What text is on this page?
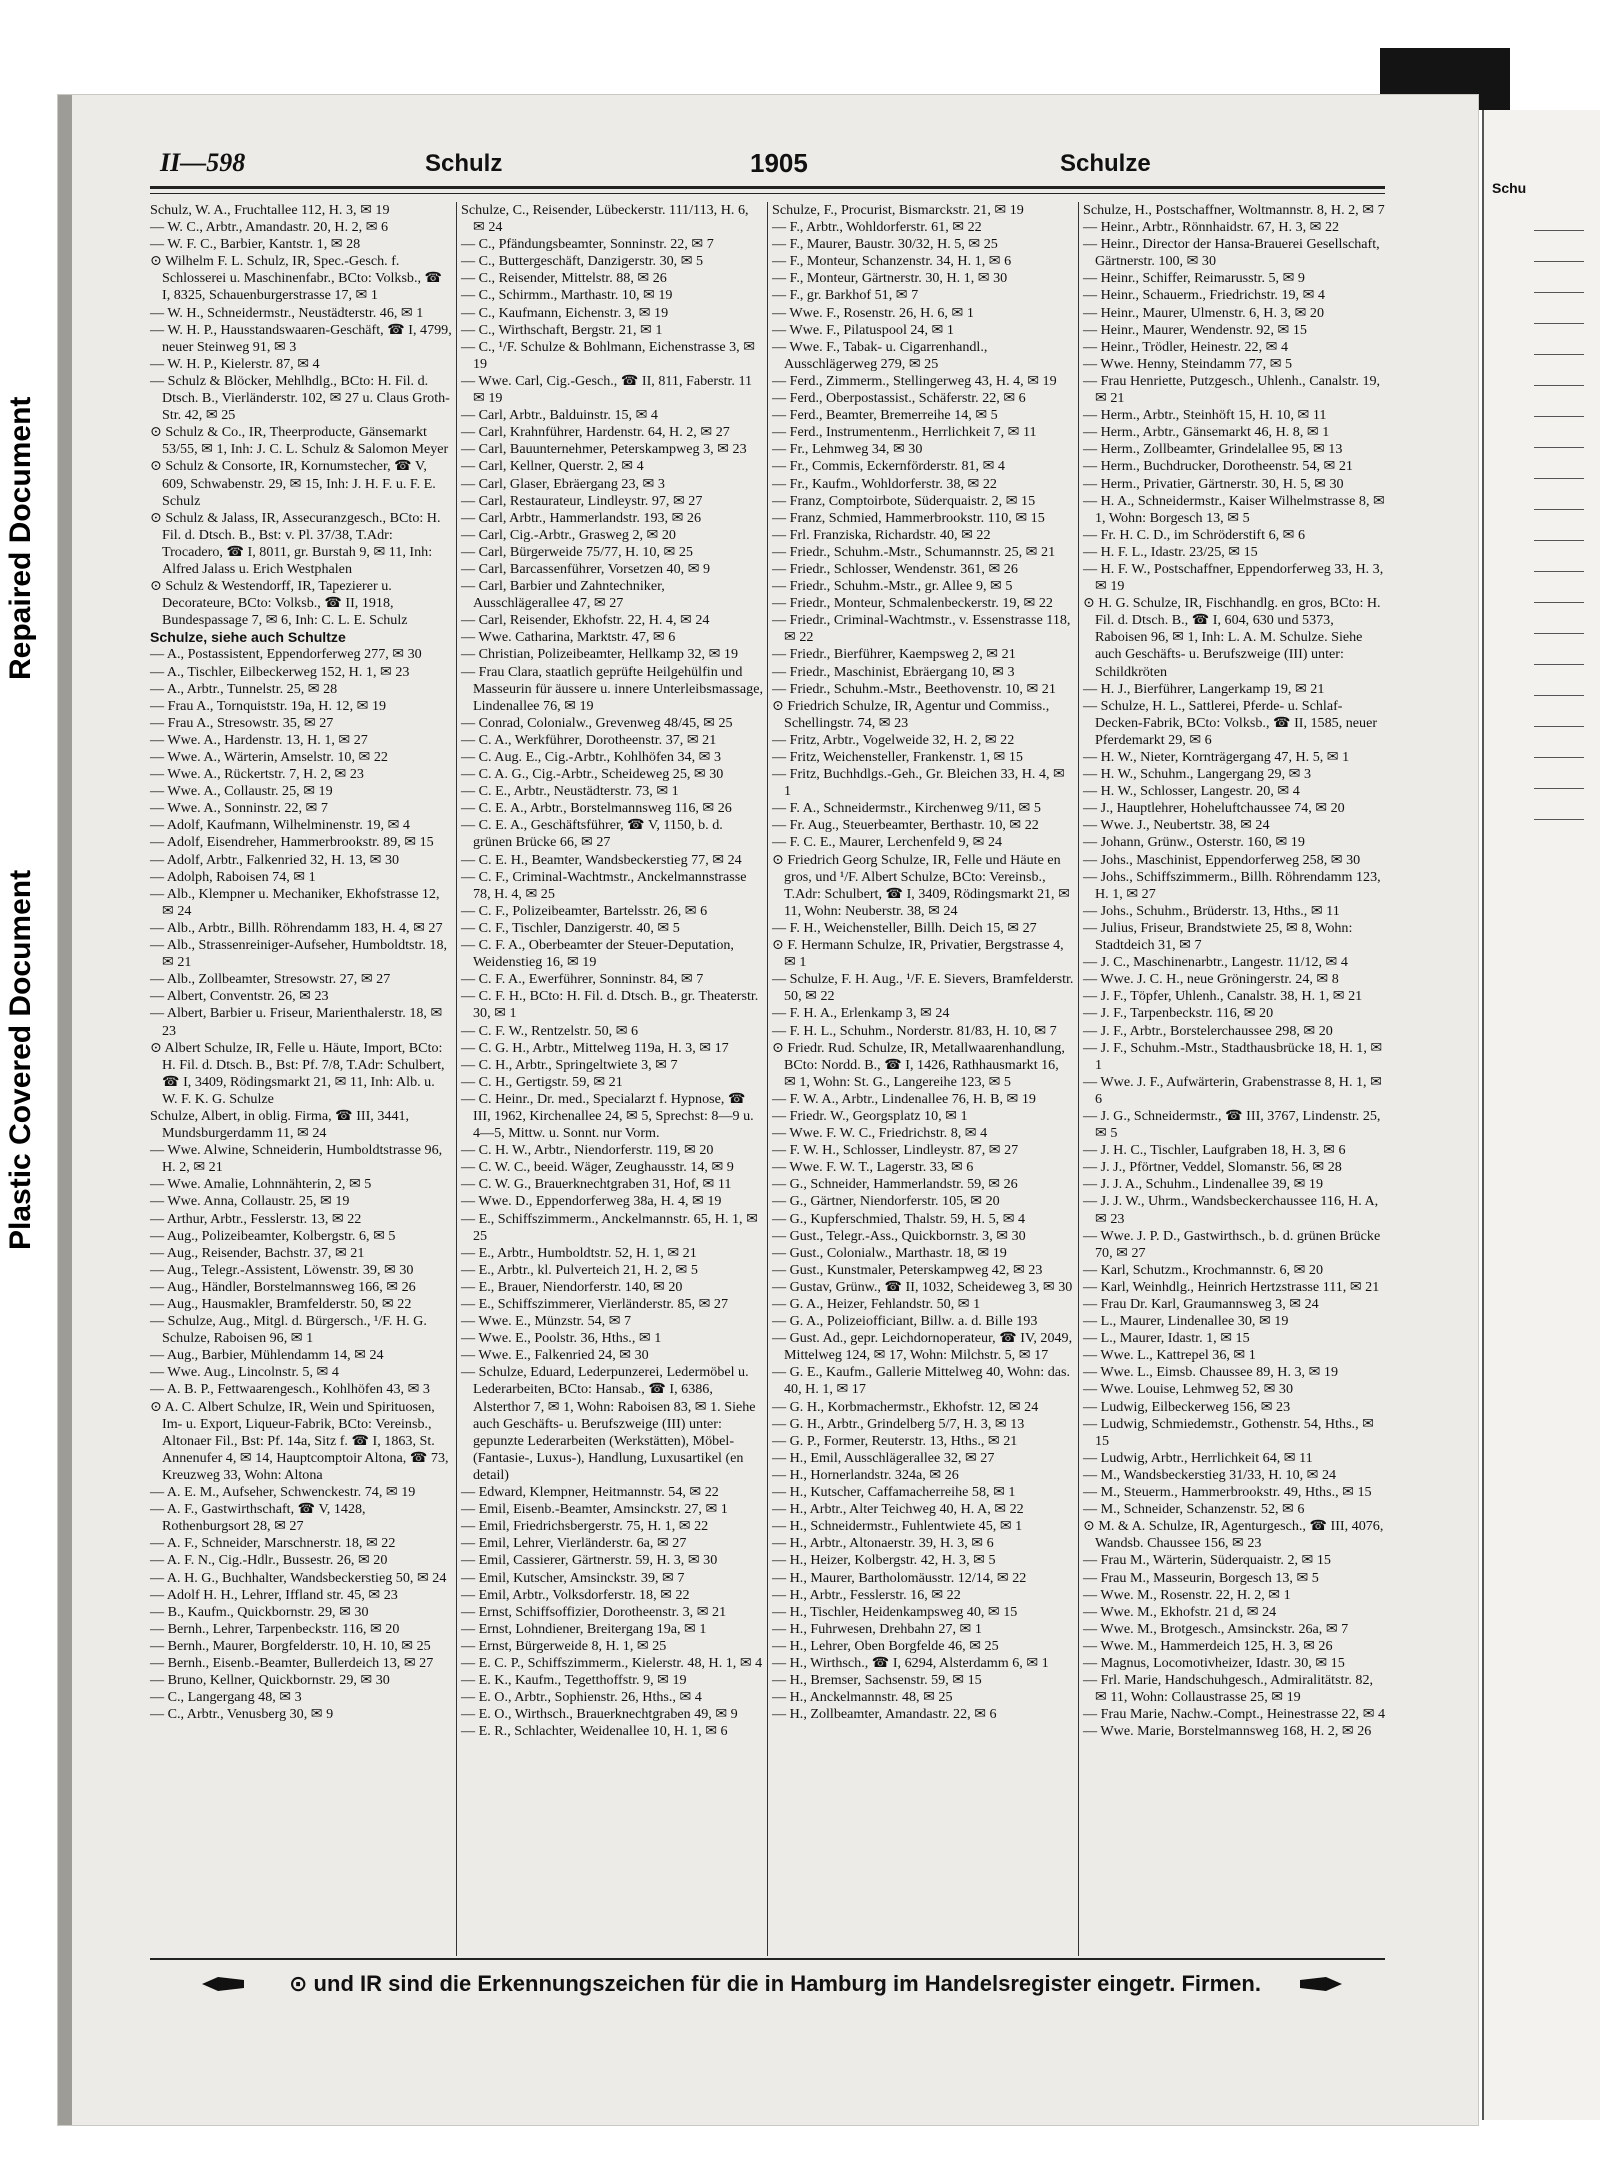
Plastic Covered Document
Repaired Document
Schu
II—598	Schulz	1905	Schulze

Schulz, W. A., Fruchtallee 112, H. 3, ✉ 19

— W. C., Arbtr., Amandastr. 20, H. 2, ✉ 6

— W. F. C., Barbier, Kantstr. 1, ✉ 28

⊙ Wilhelm F. L. Schulz, IR, Spec.-Gesch. f. Schlosserei u. Maschinenfabr., BCto: Volksb., ☎ I, 8325, Schauenburgerstrasse 17, ✉ 1

— W. H., Schneidermstr., Neustädterstr. 46, ✉ 1

— W. H. P., Hausstandswaaren-Geschäft, ☎ I, 4799, neuer Steinweg 91, ✉ 3

— W. H. P., Kielerstr. 87, ✉ 4

— Schulz & Blöcker, Mehlhdlg., BCto: H. Fil. d. Dtsch. B., Vierländerstr. 102, ✉ 27 u. Claus Groth-Str. 42, ✉ 25

⊙ Schulz & Co., IR, Theerproducte, Gänsemarkt 53/55, ✉ 1, Inh: J. C. L. Schulz & Salomon Meyer

⊙ Schulz & Consorte, IR, Kornumstecher, ☎ V, 609, Schwabenstr. 29, ✉ 15, Inh: J. H. F. u. F. E. Schulz

⊙ Schulz & Jalass, IR, Assecuranzgesch., BCto: H. Fil. d. Dtsch. B., Bst: v. Pl. 37/38, T.Adr: Trocadero, ☎ I, 8011, gr. Burstah 9, ✉ 11, Inh: Alfred Jalass u. Erich Westphalen

⊙ Schulz & Westendorff, IR, Tapezierer u. Decorateure, BCto: Volksb., ☎ II, 1918, Bundespassage 7, ✉ 6, Inh: C. L. E. Schulz

Schulze, siehe auch Schultze

— A., Postassistent, Eppendorferweg 277, ✉ 30

— A., Tischler, Eilbeckerweg 152, H. 1, ✉ 23

— A., Arbtr., Tunnelstr. 25, ✉ 28

— Frau A., Tornquiststr. 19a, H. 12, ✉ 19

— Frau A., Stresowstr. 35, ✉ 27

— Wwe. A., Hardenstr. 13, H. 1, ✉ 27

— Wwe. A., Wärterin, Amselstr. 10, ✉ 22

— Wwe. A., Rückertstr. 7, H. 2, ✉ 23

— Wwe. A., Collaustr. 25, ✉ 19

— Wwe. A., Sonninstr. 22, ✉ 7

— Adolf, Kaufmann, Wilhelminenstr. 19, ✉ 4

— Adolf, Eisendreher, Hammerbrookstr. 89, ✉ 15

— Adolf, Arbtr., Falkenried 32, H. 13, ✉ 30

— Adolph, Raboisen 74, ✉ 1

— Alb., Klempner u. Mechaniker, Ekhofstrasse 12, ✉ 24

— Alb., Arbtr., Billh. Röhrendamm 183, H. 4, ✉ 27

— Alb., Strassenreiniger-Aufseher, Humboldtstr. 18, ✉ 21

— Alb., Zollbeamter, Stresowstr. 27, ✉ 27

— Albert, Conventstr. 26, ✉ 23

— Albert, Barbier u. Friseur, Marienthalerstr. 18, ✉ 23

⊙ Albert Schulze, IR, Felle u. Häute, Import, BCto: H. Fil. d. Dtsch. B., Bst: Pf. 7/8, T.Adr: Schulbert, ☎ I, 3409, Rödingsmarkt 21, ✉ 11, Inh: Alb. u. W. F. K. G. Schulze

Schulze, Albert, in oblig. Firma, ☎ III, 3441, Mundsburgerdamm 11, ✉ 24

— Wwe. Alwine, Schneiderin, Humboldtstrasse 96, H. 2, ✉ 21

— Wwe. Amalie, Lohnnähterin, 2, ✉ 5

— Wwe. Anna, Collaustr. 25, ✉ 19

— Arthur, Arbtr., Fesslerstr. 13, ✉ 22

— Aug., Polizeibeamter, Kolbergstr. 6, ✉ 5

— Aug., Reisender, Bachstr. 37, ✉ 21

— Aug., Telegr.-Assistent, Löwenstr. 39, ✉ 30

— Aug., Händler, Borstelmannsweg 166, ✉ 26

— Aug., Hausmakler, Bramfelderstr. 50, ✉ 22

— Schulze, Aug., Mitgl. d. Bürgersch., ¹/F. H. G. Schulze, Raboisen 96, ✉ 1

— Aug., Barbier, Mühlendamm 14, ✉ 24

— Wwe. Aug., Lincolnstr. 5, ✉ 4

— A. B. P., Fettwaarengesch., Kohlhöfen 43, ✉ 3

⊙ A. C. Albert Schulze, IR, Wein und Spirituosen, Im- u. Export, Liqueur-Fabrik, BCto: Vereinsb., Altonaer Fil., Bst: Pf. 14a, Sitz f. ☎ I, 1863, St. Annenufer 4, ✉ 14, Hauptcomptoir Altona, ☎ 73, Kreuzweg 33, Wohn: Altona

— A. E. M., Aufseher, Schwenckestr. 74, ✉ 19

— A. F., Gastwirthschaft, ☎ V, 1428, Rothenburgsort 28, ✉ 27

— A. F., Schneider, Marschnerstr. 18, ✉ 22

— A. F. N., Cig.-Hdlr., Bussestr. 26, ✉ 20

— A. H. G., Buchhalter, Wandsbeckerstieg 50, ✉ 24

— Adolf H. H., Lehrer, Iffland str. 45, ✉ 23

— B., Kaufm., Quickbornstr. 29, ✉ 30

— Bernh., Lehrer, Tarpenbeckstr. 116, ✉ 20

— Bernh., Maurer, Borgfelderstr. 10, H. 10, ✉ 25

— Bernh., Eisenb.-Beamter, Bullerdeich 13, ✉ 27

— Bruno, Kellner, Quickbornstr. 29, ✉ 30

— C., Langergang 48, ✉ 3

— C., Arbtr., Venusberg 30, ✉ 9

Schulze, C., Reisender, Lübeckerstr. 111/113, H. 6, ✉ 24

— C., Pfändungsbeamter, Sonninstr. 22, ✉ 7

— C., Buttergeschäft, Danzigerstr. 30, ✉ 5

— C., Reisender, Mittelstr. 88, ✉ 26

— C., Schirmm., Marthastr. 10, ✉ 19

— C., Kaufmann, Eichenstr. 3, ✉ 19

— C., Wirthschaft, Bergstr. 21, ✉ 1

— C., ¹/F. Schulze & Bohlmann, Eichenstrasse 3, ✉ 19

— Wwe. Carl, Cig.-Gesch., ☎ II, 811, Faberstr. 11 ✉ 19

— Carl, Arbtr., Balduinstr. 15, ✉ 4

— Carl, Krahnführer, Hardenstr. 64, H. 2, ✉ 27

— Carl, Bauunternehmer, Peterskampweg 3, ✉ 23

— Carl, Kellner, Querstr. 2, ✉ 4

— Carl, Glaser, Ebräergang 23, ✉ 3

— Carl, Restaurateur, Lindleystr. 97, ✉ 27

— Carl, Arbtr., Hammerlandstr. 193, ✉ 26

— Carl, Cig.-Arbtr., Grasweg 2, ✉ 20

— Carl, Bürgerweide 75/77, H. 10, ✉ 25

— Carl, Barcassenführer, Vorsetzen 40, ✉ 9

— Carl, Barbier und Zahntechniker, Ausschlägerallee 47, ✉ 27

— Carl, Reisender, Ekhofstr. 22, H. 4, ✉ 24

— Wwe. Catharina, Marktstr. 47, ✉ 6

— Christian, Polizeibeamter, Hellkamp 32, ✉ 19

— Frau Clara, staatlich geprüfte Heilgehülfin und Masseurin für äussere u. innere Unterleibsmassage, Lindenallee 76, ✉ 19

— Conrad, Colonialw., Grevenweg 48/45, ✉ 25

— C. A., Werkführer, Dorotheenstr. 37, ✉ 21

— C. Aug. E., Cig.-Arbtr., Kohlhöfen 34, ✉ 3

— C. A. G., Cig.-Arbtr., Scheideweg 25, ✉ 30

— C. E., Arbtr., Neustädterstr. 73, ✉ 1

— C. E. A., Arbtr., Borstelmannsweg 116, ✉ 26

— C. E. A., Geschäftsführer, ☎ V, 1150, b. d. grünen Brücke 66, ✉ 27

— C. E. H., Beamter, Wandsbeckerstieg 77, ✉ 24

— C. F., Criminal-Wachtmstr., Anckelmannstrasse 78, H. 4, ✉ 25

— C. F., Polizeibeamter, Bartelsstr. 26, ✉ 6

— C. F., Tischler, Danzigerstr. 40, ✉ 5

— C. F. A., Oberbeamter der Steuer-Deputation, Weidenstieg 16, ✉ 19

— C. F. A., Ewerführer, Sonninstr. 84, ✉ 7

— C. F. H., BCto: H. Fil. d. Dtsch. B., gr. Theaterstr. 30, ✉ 1

— C. F. W., Rentzelstr. 50, ✉ 6

— C. G. H., Arbtr., Mittelweg 119a, H. 3, ✉ 17

— C. H., Arbtr., Springeltwiete 3, ✉ 7

— C. H., Gertigstr. 59, ✉ 21

— C. Heinr., Dr. med., Specialarzt f. Hypnose, ☎ III, 1962, Kirchenallee 24, ✉ 5, Sprechst: 8—9 u. 4—5, Mittw. u. Sonnt. nur Vorm.

— C. H. W., Arbtr., Niendorferstr. 119, ✉ 20

— C. W. C., beeid. Wäger, Zeughausstr. 14, ✉ 9

— C. W. G., Brauerknechtgraben 31, Hof, ✉ 11

— Wwe. D., Eppendorferweg 38a, H. 4, ✉ 19

— E., Schiffszimmerm., Anckelmannstr. 65, H. 1, ✉ 25

— E., Arbtr., Humboldtstr. 52, H. 1, ✉ 21

— E., Arbtr., kl. Pulverteich 21, H. 2, ✉ 5

— E., Brauer, Niendorferstr. 140, ✉ 20

— E., Schiffszimmerer, Vierländerstr. 85, ✉ 27

— Wwe. E., Münzstr. 54, ✉ 7

— Wwe. E., Poolstr. 36, Hths., ✉ 1

— Wwe. E., Falkenried 24, ✉ 30

— Schulze, Eduard, Lederpunzerei, Ledermöbel u. Lederarbeiten, BCto: Hansab., ☎ I, 6386, Alsterthor 7, ✉ 1, Wohn: Raboisen 83, ✉ 1. Siehe auch Geschäfts- u. Berufszweige (III) unter: gepunzte Lederarbeiten (Werkstätten), Möbel- (Fantasie-, Luxus-), Handlung, Luxusartikel (en detail)

— Edward, Klempner, Heitmannstr. 54, ✉ 22

— Emil, Eisenb.-Beamter, Amsinckstr. 27, ✉ 1

— Emil, Friedrichsbergerstr. 75, H. 1, ✉ 22

— Emil, Lehrer, Vierländerstr. 6a, ✉ 27

— Emil, Cassierer, Gärtnerstr. 59, H. 3, ✉ 30

— Emil, Kutscher, Amsinckstr. 39, ✉ 7

— Emil, Arbtr., Volksdorferstr. 18, ✉ 22

— Ernst, Schiffsoffizier, Dorotheenstr. 3, ✉ 21

— Ernst, Lohndiener, Breitergang 19a, ✉ 1

— Ernst, Bürgerweide 8, H. 1, ✉ 25

— E. C. P., Schiffszimmerm., Kielerstr. 48, H. 1, ✉ 4

— E. K., Kaufm., Tegetthoffstr. 9, ✉ 19

— E. O., Arbtr., Sophienstr. 26, Hths., ✉ 4

— E. O., Wirthsch., Brauerknechtgraben 49, ✉ 9

— E. R., Schlachter, Weidenallee 10, H. 1, ✉ 6

Schulze, F., Procurist, Bismarckstr. 21, ✉ 19

— F., Arbtr., Wohldorferstr. 61, ✉ 22

— F., Maurer, Baustr. 30/32, H. 5, ✉ 25

— F., Monteur, Schanzenstr. 34, H. 1, ✉ 6

— F., Monteur, Gärtnerstr. 30, H. 1, ✉ 30

— F., gr. Barkhof 51, ✉ 7

— Wwe. F., Rosenstr. 26, H. 6, ✉ 1

— Wwe. F., Pilatuspool 24, ✉ 1

— Wwe. F., Tabak- u. Cigarrenhandl., Ausschlägerweg 279, ✉ 25

— Ferd., Zimmerm., Stellingerweg 43, H. 4, ✉ 19

— Ferd., Oberpostassist., Schäferstr. 22, ✉ 6

— Ferd., Beamter, Bremerreihe 14, ✉ 5

— Ferd., Instrumentenm., Herrlichkeit 7, ✉ 11

— Fr., Lehmweg 34, ✉ 30

— Fr., Commis, Eckernförderstr. 81, ✉ 4

— Fr., Kaufm., Wohldorferstr. 38, ✉ 22

— Franz, Comptoirbote, Süderquaistr. 2, ✉ 15

— Franz, Schmied, Hammerbrookstr. 110, ✉ 15

— Frl. Franziska, Richardstr. 40, ✉ 22

— Friedr., Schuhm.-Mstr., Schumannstr. 25, ✉ 21

— Friedr., Schlosser, Wendenstr. 361, ✉ 26

— Friedr., Schuhm.-Mstr., gr. Allee 9, ✉ 5

— Friedr., Monteur, Schmalenbeckerstr. 19, ✉ 22

— Friedr., Criminal-Wachtmstr., v. Essenstrasse 118, ✉ 22

— Friedr., Bierführer, Kaempsweg 2, ✉ 21

— Friedr., Maschinist, Ebräergang 10, ✉ 3

— Friedr., Schuhm.-Mstr., Beethovenstr. 10, ✉ 21

⊙ Friedrich Schulze, IR, Agentur und Commiss., Schellingstr. 74, ✉ 23

— Fritz, Arbtr., Vogelweide 32, H. 2, ✉ 22

— Fritz, Weichensteller, Frankenstr. 1, ✉ 15

— Fritz, Buchhdlgs.-Geh., Gr. Bleichen 33, H. 4, ✉ 1

— F. A., Schneidermstr., Kirchenweg 9/11, ✉ 5

— Fr. Aug., Steuerbeamter, Berthastr. 10, ✉ 22

— F. C. E., Maurer, Lerchenfeld 9, ✉ 24

⊙ Friedrich Georg Schulze, IR, Felle und Häute en gros, und ¹/F. Albert Schulze, BCto: Vereinsb., T.Adr: Schulbert, ☎ I, 3409, Rödingsmarkt 21, ✉ 11, Wohn: Neuberstr. 38, ✉ 24

— F. H., Weichensteller, Billh. Deich 15, ✉ 27

⊙ F. Hermann Schulze, IR, Privatier, Bergstrasse 4, ✉ 1

— Schulze, F. H. Aug., ¹/F. E. Sievers, Bramfelderstr. 50, ✉ 22

— F. H. A., Erlenkamp 3, ✉ 24

— F. H. L., Schuhm., Norderstr. 81/83, H. 10, ✉ 7

⊙ Friedr. Rud. Schulze, IR, Metallwaarenhandlung, BCto: Nordd. B., ☎ I, 1426, Rathhausmarkt 16, ✉ 1, Wohn: St. G., Langereihe 123, ✉ 5

— F. W. A., Arbtr., Lindenallee 76, H. B, ✉ 19

— Friedr. W., Georgsplatz 10, ✉ 1

— Wwe. F. W. C., Friedrichstr. 8, ✉ 4

— F. W. H., Schlosser, Lindleystr. 87, ✉ 27

— Wwe. F. W. T., Lagerstr. 33, ✉ 6

— G., Schneider, Hammerlandstr. 59, ✉ 26

— G., Gärtner, Niendorferstr. 105, ✉ 20

— G., Kupferschmied, Thalstr. 59, H. 5, ✉ 4

— Gust., Telegr.-Ass., Quickbornstr. 3, ✉ 30

— Gust., Colonialw., Marthastr. 18, ✉ 19

— Gust., Kunstmaler, Peterskampweg 42, ✉ 23

— Gustav, Grünw., ☎ II, 1032, Scheideweg 3, ✉ 30

— G. A., Heizer, Fehlandstr. 50, ✉ 1

— G. A., Polizeiofficiant, Billw. a. d. Bille 193

— Gust. Ad., gepr. Leichdornoperateur, ☎ IV, 2049, Mittelweg 124, ✉ 17, Wohn: Milchstr. 5, ✉ 17

— G. E., Kaufm., Gallerie Mittelweg 40, Wohn: das. 40, H. 1, ✉ 17

— G. H., Korbmachermstr., Ekhofstr. 12, ✉ 24

— G. H., Arbtr., Grindelberg 5/7, H. 3, ✉ 13

— G. P., Former, Reuterstr. 13, Hths., ✉ 21

— H., Emil, Ausschlägerallee 32, ✉ 27

— H., Hornerlandstr. 324a, ✉ 26

— H., Kutscher, Caffamacherreihe 58, ✉ 1

— H., Arbtr., Alter Teichweg 40, H. A, ✉ 22

— H., Schneidermstr., Fuhlentwiete 45, ✉ 1

— H., Arbtr., Altonaerstr. 39, H. 3, ✉ 6

— H., Heizer, Kolbergstr. 42, H. 3, ✉ 5

— H., Maurer, Bartholomäusstr. 12/14, ✉ 22

— H., Arbtr., Fesslerstr. 16, ✉ 22

— H., Tischler, Heidenkampsweg 40, ✉ 15

— H., Fuhrwesen, Drehbahn 27, ✉ 1

— H., Lehrer, Oben Borgfelde 46, ✉ 25

— H., Wirthsch., ☎ I, 6294, Alsterdamm 6, ✉ 1

— H., Bremser, Sachsenstr. 59, ✉ 15

— H., Anckelmannstr. 48, ✉ 25

— H., Zollbeamter, Amandastr. 22, ✉ 6

Schulze, H., Postschaffner, Woltmannstr. 8, H. 2, ✉ 7

— Heinr., Arbtr., Rönnhaidstr. 67, H. 3, ✉ 22

— Heinr., Director der Hansa-Brauerei Gesellschaft, Gärtnerstr. 100, ✉ 30

— Heinr., Schiffer, Reimarusstr. 5, ✉ 9

— Heinr., Schauerm., Friedrichstr. 19, ✉ 4

— Heinr., Maurer, Ulmenstr. 6, H. 3, ✉ 20

— Heinr., Maurer, Wendenstr. 92, ✉ 15

— Heinr., Trödler, Heinestr. 22, ✉ 4

— Wwe. Henny, Steindamm 77, ✉ 5

— Frau Henriette, Putzgesch., Uhlenh., Canalstr. 19, ✉ 21

— Herm., Arbtr., Steinhöft 15, H. 10, ✉ 11

— Herm., Arbtr., Gänsemarkt 46, H. 8, ✉ 1

— Herm., Zollbeamter, Grindelallee 95, ✉ 13

— Herm., Buchdrucker, Dorotheenstr. 54, ✉ 21

— Herm., Privatier, Gärtnerstr. 30, H. 5, ✉ 30

— H. A., Schneidermstr., Kaiser Wilhelmstrasse 8, ✉ 1, Wohn: Borgesch 13, ✉ 5

— Fr. H. C. D., im Schröderstift 6, ✉ 6

— H. F. L., Idastr. 23/25, ✉ 15

— H. F. W., Postschaffner, Eppendorferweg 33, H. 3, ✉ 19

⊙ H. G. Schulze, IR, Fischhandlg. en gros, BCto: H. Fil. d. Dtsch. B., ☎ I, 604, 630 und 5373, Raboisen 96, ✉ 1, Inh: L. A. M. Schulze. Siehe auch Geschäfts- u. Berufszweige (III) unter: Schildkröten

— H. J., Bierführer, Langerkamp 19, ✉ 21

— Schulze, H. L., Sattlerei, Pferde- u. Schlaf-Decken-Fabrik, BCto: Volksb., ☎ II, 1585, neuer Pferdemarkt 29, ✉ 6

— H. W., Nieter, Kornträgergang 47, H. 5, ✉ 1

— H. W., Schuhm., Langergang 29, ✉ 3

— H. W., Schlosser, Langestr. 20, ✉ 4

— J., Hauptlehrer, Hoheluftchaussee 74, ✉ 20

— Wwe. J., Neubertstr. 38, ✉ 24

— Johann, Grünw., Osterstr. 160, ✉ 19

— Johs., Maschinist, Eppendorferweg 258, ✉ 30

— Johs., Schiffszimmerm., Billh. Röhrendamm 123, H. 1, ✉ 27

— Johs., Schuhm., Brüderstr. 13, Hths., ✉ 11

— Julius, Friseur, Brandstwiete 25, ✉ 8, Wohn: Stadtdeich 31, ✉ 7

— J. C., Maschinenarbtr., Langestr. 11/12, ✉ 4

— Wwe. J. C. H., neue Gröningerstr. 24, ✉ 8

— J. F., Töpfer, Uhlenh., Canalstr. 38, H. 1, ✉ 21

— J. F., Tarpenbeckstr. 116, ✉ 20

— J. F., Arbtr., Borstelerchaussee 298, ✉ 20

— J. F., Schuhm.-Mstr., Stadthausbrücke 18, H. 1, ✉ 1

— Wwe. J. F., Aufwärterin, Grabenstrasse 8, H. 1, ✉ 6

— J. G., Schneidermstr., ☎ III, 3767, Lindenstr. 25, ✉ 5

— J. H. C., Tischler, Laufgraben 18, H. 3, ✉ 6

— J. J., Pförtner, Veddel, Slomanstr. 56, ✉ 28

— J. J. A., Schuhm., Lindenallee 39, ✉ 19

— J. J. W., Uhrm., Wandsbeckerchaussee 116, H. A, ✉ 23

— Wwe. J. P. D., Gastwirthsch., b. d. grünen Brücke 70, ✉ 27

— Karl, Schutzm., Krochmannstr. 6, ✉ 20

— Karl, Weinhdlg., Heinrich Hertzstrasse 111, ✉ 21

— Frau Dr. Karl, Graumannsweg 3, ✉ 24

— L., Maurer, Lindenallee 30, ✉ 19

— L., Maurer, Idastr. 1, ✉ 15

— Wwe. L., Kattrepel 36, ✉ 1

— Wwe. L., Eimsb. Chaussee 89, H. 3, ✉ 19

— Wwe. Louise, Lehmweg 52, ✉ 30

— Ludwig, Eilbeckerweg 156, ✉ 23

— Ludwig, Schmiedemstr., Gothenstr. 54, Hths., ✉ 15

— Ludwig, Arbtr., Herrlichkeit 64, ✉ 11

— M., Wandsbeckerstieg 31/33, H. 10, ✉ 24

— M., Steuerm., Hammerbrookstr. 49, Hths., ✉ 15

— M., Schneider, Schanzenstr. 52, ✉ 6

⊙ M. & A. Schulze, IR, Agenturgesch., ☎ III, 4076, Wandsb. Chaussee 156, ✉ 23

— Frau M., Wärterin, Süderquaistr. 2, ✉ 15

— Frau M., Masseurin, Borgesch 13, ✉ 5

— Wwe. M., Rosenstr. 22, H. 2, ✉ 1

— Wwe. M., Ekhofstr. 21 d, ✉ 24

— Wwe. M., Brotgesch., Amsinckstr. 26a, ✉ 7

— Wwe. M., Hammerdeich 125, H. 3, ✉ 26

— Magnus, Locomotivheizer, Idastr. 30, ✉ 15

— Frl. Marie, Handschuhgesch., Admiralitätstr. 82, ✉ 11, Wohn: Collaustrasse 25, ✉ 19

— Frau Marie, Nachw.-Compt., Heinestrasse 22, ✉ 4

— Wwe. Marie, Borstelmannsweg 168, H. 2, ✉ 26

⊙ und IR sind die Erkennungszeichen für die in Hamburg im Handelsregister eingetr. Firmen.
